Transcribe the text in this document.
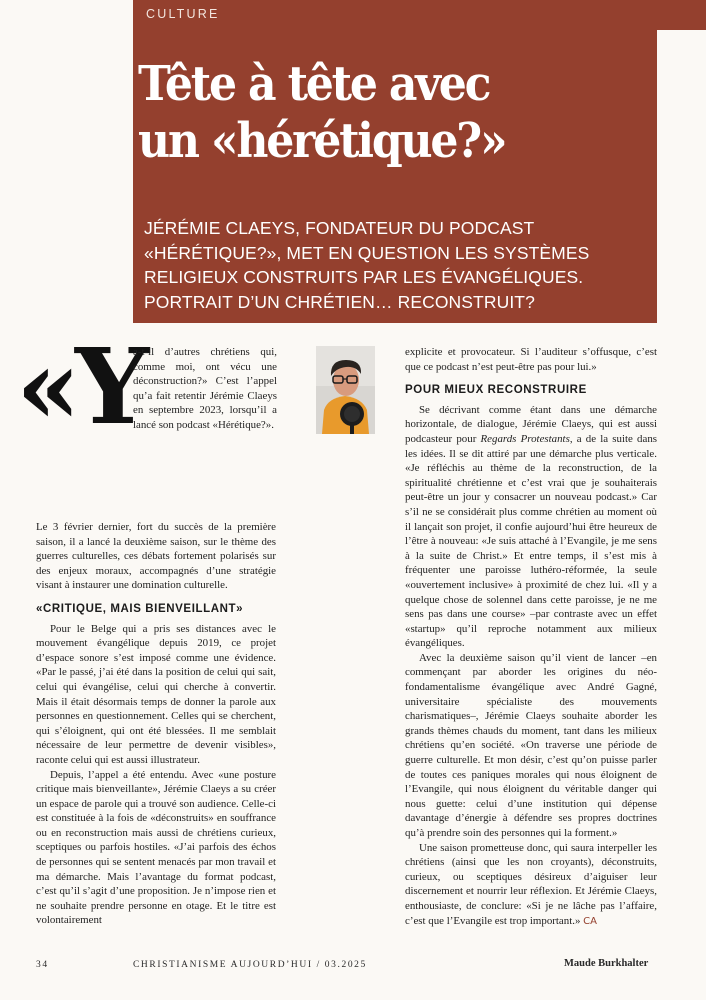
CULTURE

Tête à tête avec
un «hérétique?»

JÉRÉMIE CLAEYS, FONDATEUR DU PODCAST
«HÉRÉTIQUE?», MET EN QUESTION LES SYSTÈMES
RELIGIEUX CONSTRUITS PAR LES ÉVANGÉLIQUES.
PORTRAIT D’UN CHRÉTIEN… RECONSTRUIT?

«Y

a-t-il d’autres chrétiens qui, comme moi, ont vécu une déconstruction?» C’est l’appel qu’a fait retentir Jérémie Claeys en septembre 2023, lorsqu’il a lancé son podcast «Hérétique?».

Le 3 février dernier, fort du succès de la première saison, il a lancé la deuxième saison, sur le thème des guerres culturelles, ces débats fortement polarisés sur des enjeux moraux, accompagnés d’une stratégie visant à instaurer une domination culturelle.

«CRITIQUE, MAIS BIENVEILLANT»

Pour le Belge qui a pris ses distances avec le mouvement évangélique depuis 2019, ce projet d’espace sonore s’est imposé comme une évidence. «Par le passé, j’ai été dans la position de celui qui sait, celui qui évangélise, celui qui cherche à convertir. Mais il était désormais temps de donner la parole aux personnes en questionnement. Celles qui se cherchent, qui s’éloignent, qui ont été blessées. Il me semblait nécessaire de leur permettre de devenir visibles», raconte celui qui est aussi illustrateur.

Depuis, l’appel a été entendu. Avec «une posture critique mais bienveillante», Jérémie Claeys a su créer un espace de parole qui a trouvé son audience. Celle-ci est constituée à la fois de «déconstruits» en souffrance ou en reconstruction mais aussi de chrétiens curieux, sceptiques ou parfois hostiles. «J’ai parfois des échos de personnes qui se sentent menacés par mon travail et ma démarche. Mais l’avantage du format podcast, c’est qu’il s’agit d’une proposition. Je n’impose rien et ne souhaite prendre personne en otage. Et le titre est volontairement

explicite et provocateur. Si l’auditeur s’offusque, c’est que ce podcast n’est peut-être pas pour lui.»

POUR MIEUX RECONSTRUIRE

Se décrivant comme étant dans une démarche horizontale, de dialogue, Jérémie Claeys, qui est aussi podcasteur pour Regards Protestants, a de la suite dans les idées. Il se dit attiré par une démarche plus verticale. «Je réfléchis au thème de la reconstruction, de la spiritualité chrétienne et c’est vrai que je souhaiterais peut-être un jour y consacrer un nouveau podcast.» Car s’il ne se considérait plus comme chrétien au moment où il lançait son projet, il confie aujourd’hui être heureux de l’être à nouveau: «Je suis attaché à l’Evangile, je me sens à la suite de Christ.» Et entre temps, il s’est mis à fréquenter une paroisse luthéro-réformée, la seule «ouvertement inclusive» à proximité de chez lui. «Il y a quelque chose de solennel dans cette paroisse, je ne me sens pas dans une course» –par contraste avec un effet «startup» qu’il reproche notamment aux milieux évangéliques.

Avec la deuxième saison qu’il vient de lancer –en commençant par aborder les origines du néo-fondamentalisme évangélique avec André Gagné, universitaire spécialiste des mouvements charismatiques–, Jérémie Claeys souhaite aborder les grands thèmes chauds du moment, tant dans les milieux chrétiens qu’en société. «On traverse une période de guerre culturelle. Et mon désir, c’est qu’on puisse parler de toutes ces paniques morales qui nous éloignent de l’Evangile, qui nous éloignent du véritable danger qui nous guette: celui d’une institution qui dépense davantage d’énergie à défendre ses propres doctrines qu’à prendre soin des personnes qui la forment.»

Une saison prometteuse donc, qui saura interpeller les chrétiens (ainsi que les non croyants), déconstruits, curieux, ou sceptiques désireux d’aiguiser leur discernement et nourrir leur réflexion. Et Jérémie Claeys, enthousiaste, de conclure: «Si je ne lâche pas l’affaire, c’est que l’Evangile est trop important.» CA

34	CHRISTIANISME AUJOURD’HUI / 03.2025	Maude Burkhalter
